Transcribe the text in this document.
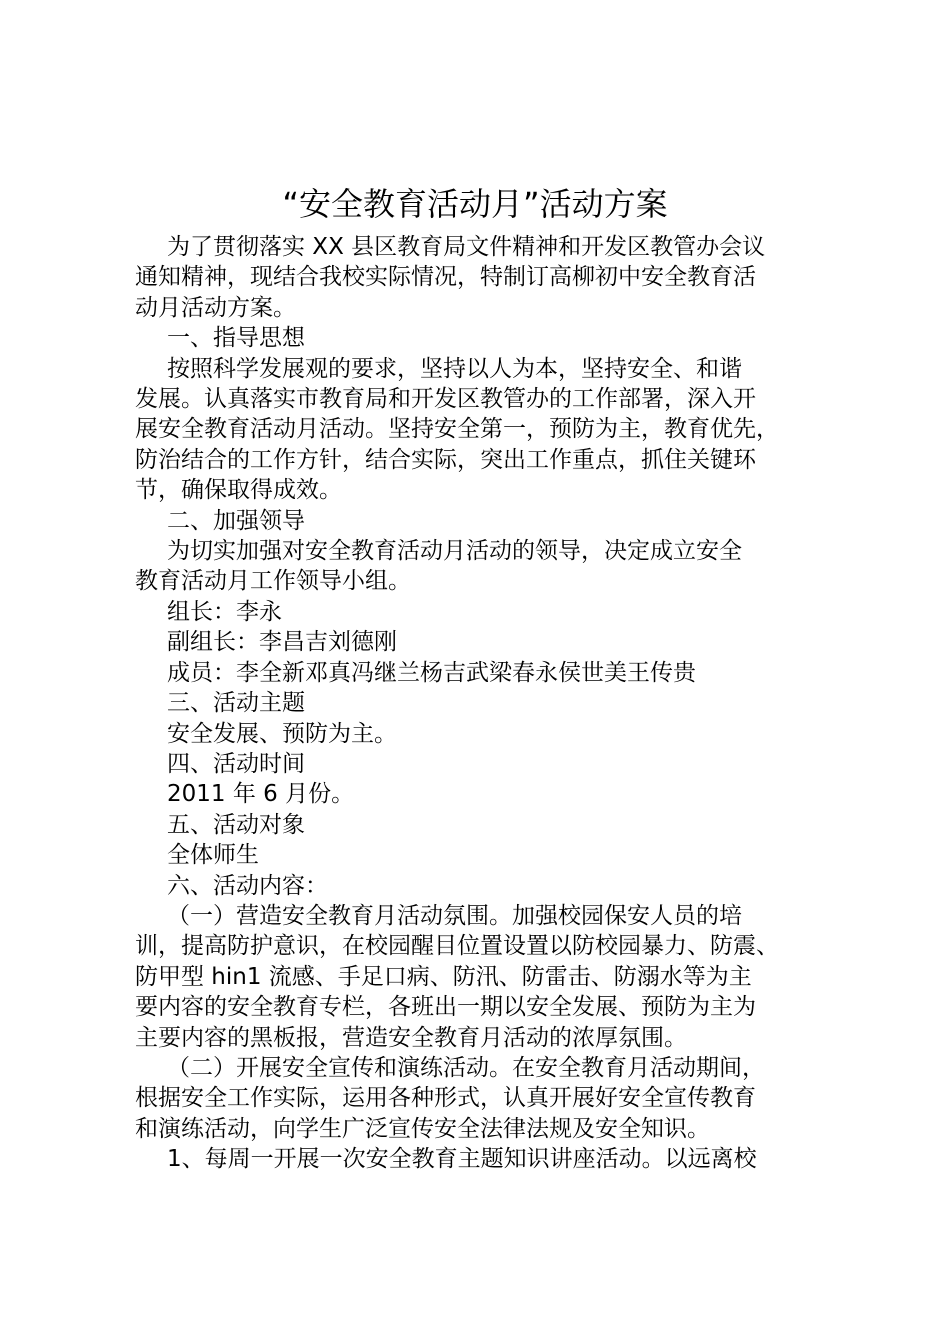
“安全教育活动月”活动方案

为了贯彻落实 XX 县区教育局文件精神和开发区教管办会议
通知精神，现结合我校实际情况，特制订高柳初中安全教育活
动月活动方案。

一、指导思想

按照科学发展观的要求，坚持以人为本，坚持安全、和谐
发展。认真落实市教育局和开发区教管办的工作部署，深入开
展安全教育活动月活动。坚持安全第一，预防为主，教育优先，
防治结合的工作方针，结合实际，突出工作重点，抓住关键环
节，确保取得成效。

二、加强领导

为切实加强对安全教育活动月活动的领导，决定成立安全
教育活动月工作领导小组。

组长：李永

副组长：李昌吉刘德刚

成员：李全新邓真冯继兰杨吉武梁春永侯世美王传贵

三、活动主题

安全发展、预防为主。

四、活动时间

2011 年 6 月份。

五、活动对象

全体师生

六、活动内容：

（一）营造安全教育月活动氛围。加强校园保安人员的培
训，提高防护意识，在校园醒目位置设置以防校园暴力、防震、
防甲型 hin1 流感、手足口病、防汛、防雷击、防溺水等为主
要内容的安全教育专栏，各班出一期以安全发展、预防为主为
主要内容的黑板报，营造安全教育月活动的浓厚氛围。

（二）开展安全宣传和演练活动。在安全教育月活动期间，
根据安全工作实际，运用各种形式，认真开展好安全宣传教育
和演练活动，向学生广泛宣传安全法律法规及安全知识。

1、每周一开展一次安全教育主题知识讲座活动。以远离校
